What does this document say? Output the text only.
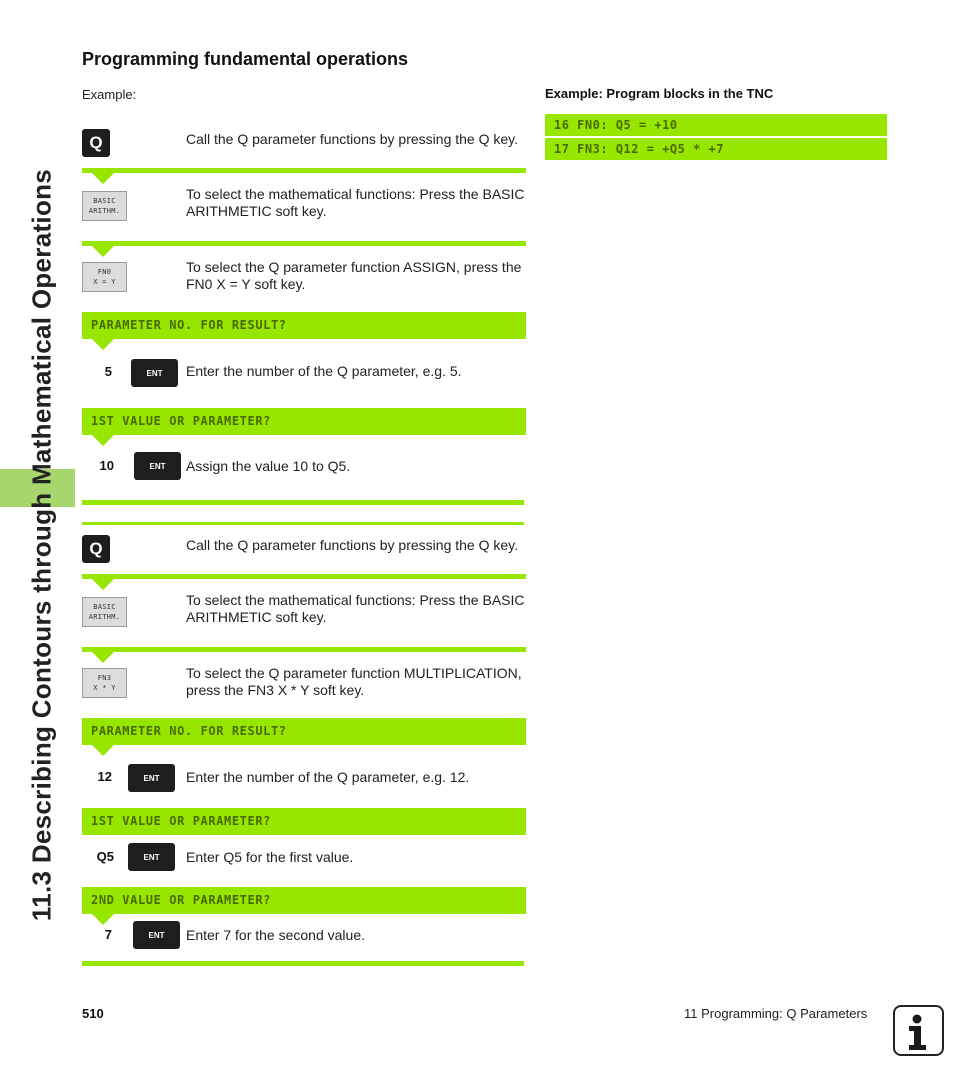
11.3 Describing Contours through Mathematical Operations
Programming fundamental operations
Example:	Example: Program blocks in the TNC
16 FN0: Q5 = +10
17 FN3: Q12 = +Q5 * +7
Q	Call the Q parameter functions by pressing the Q key.
BASIC
ARITHM.
To select the mathematical functions: Press the BASIC ARITHMETIC soft key.
FN0
X = Y
To select the Q parameter function ASSIGN, press the FN0 X = Y soft key.
PARAMETER NO. FOR RESULT?
5	ENT	Enter the number of the Q parameter, e.g. 5.
1ST VALUE OR PARAMETER?
10	ENT	Assign the value 10 to Q5.
Q	Call the Q parameter functions by pressing the Q key.
BASIC
ARITHM.
To select the mathematical functions: Press the BASIC ARITHMETIC soft key.
FN3
X * Y
To select the Q parameter function MULTIPLICATION, press the FN3 X * Y soft key.
PARAMETER NO. FOR RESULT?
12	ENT	Enter the number of the Q parameter, e.g. 12.
1ST VALUE OR PARAMETER?
Q5	ENT	Enter Q5 for the first value.
2ND VALUE OR PARAMETER?
7	ENT	Enter 7 for the second value.
510	11 Programming: Q Parameters
